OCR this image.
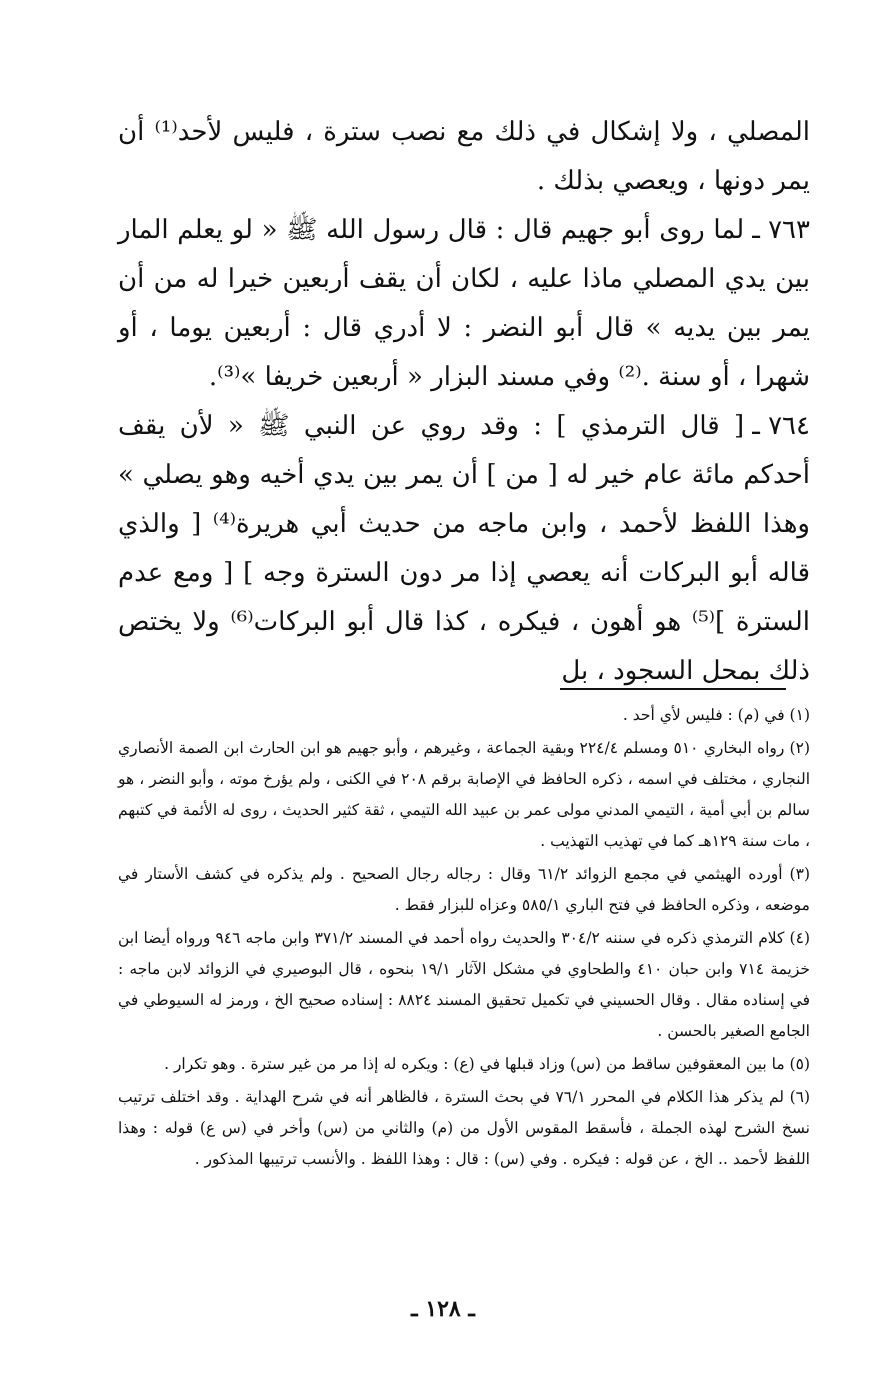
المصلي ، ولا إشكال في ذلك مع نصب سترة ، فليس لأحد⁽¹⁾ أن يمر دونها ، ويعصي بذلك .

٧٦٣ ـلما روى أبو جهيم قال : قال رسول الله ﷺ « لو يعلم المار بين يدي المصلي ماذا عليه ، لكان أن يقف أربعين خيرا له من أن يمر بين يديه » قال أبو النضر : لا أدري قال : أربعين يوما ، أو شهرا ، أو سنة .⁽²⁾ وفي مسند البزار « أربعين خريفا »⁽³⁾.

٧٦٤ ـ[ قال الترمذي ] : وقد روي عن النبي ﷺ « لأن يقف أحدكم مائة عام خير له [ من ] أن يمر بين يدي أخيه وهو يصلي » وهذا اللفظ لأحمد ، وابن ماجه من حديث أبي هريرة⁽⁴⁾ [ والذي قاله أبو البركات أنه يعصي إذا مر دون السترة وجه ] [ ومع عدم السترة ]⁽⁵⁾ هو أهون ، فيكره ، كذا قال أبو البركات⁽⁶⁾ ولا يختص ذلك بمحل السجود ، بل

(١) في (م) : فليس لأي أحد .

(٢) رواه البخاري ٥١٠ ومسلم ٢٢٤/٤ وبقية الجماعة ، وغيرهم ، وأبو جهيم هو ابن الحارث ابن الصمة الأنصاري النجاري ، مختلف في اسمه ، ذكره الحافظ في الإصابة برقم ٢٠٨ في الكنى ، ولم يؤرخ موته ، وأبو النضر ، هو سالم بن أبي أمية ، التيمي المدني مولى عمر بن عبيد الله التيمي ، ثقة كثير الحديث ، روى له الأئمة في كتبهم ، مات سنة ١٢٩هـ كما في تهذيب التهذيب .

(٣) أورده الهيثمي في مجمع الزوائد ٦١/٢ وقال : رجاله رجال الصحيح . ولم يذكره في كشف الأستار في موضعه ، وذكره الحافظ في فتح الباري ٥٨٥/١ وعزاه للبزار فقط .

(٤) كلام الترمذي ذكره في سننه ٣٠٤/٢ والحديث رواه أحمد في المسند ٣٧١/٢ وابن ماجه ٩٤٦ ورواه أيضا ابن خزيمة ٧١٤ وابن حبان ٤١٠ والطحاوي في مشكل الآثار ١٩/١ بنحوه ، قال البوصيري في الزوائد لابن ماجه : في إسناده مقال . وقال الحسيني في تكميل تحقيق المسند ٨٨٢٤ : إسناده صحيح الخ ، ورمز له السيوطي في الجامع الصغير بالحسن .

(٥) ما بين المعقوفين ساقط من (س) وزاد قبلها في (ع) : ويكره له إذا مر من غير سترة . وهو تكرار .

(٦) لم يذكر هذا الكلام في المحرر ٧٦/١ في بحث السترة ، فالظاهر أنه في شرح الهداية . وقد اختلف ترتيب نسخ الشرح لهذه الجملة ، فأسقط المقوس الأول من (م) والثاني من (س) وأخر في (س ع) قوله : وهذا اللفظ لأحمد .. الخ ، عن قوله : فيكره . وفي (س) : قال : وهذا اللفظ . والأنسب ترتيبها المذكور .

ـ ١٢٨ ـ
